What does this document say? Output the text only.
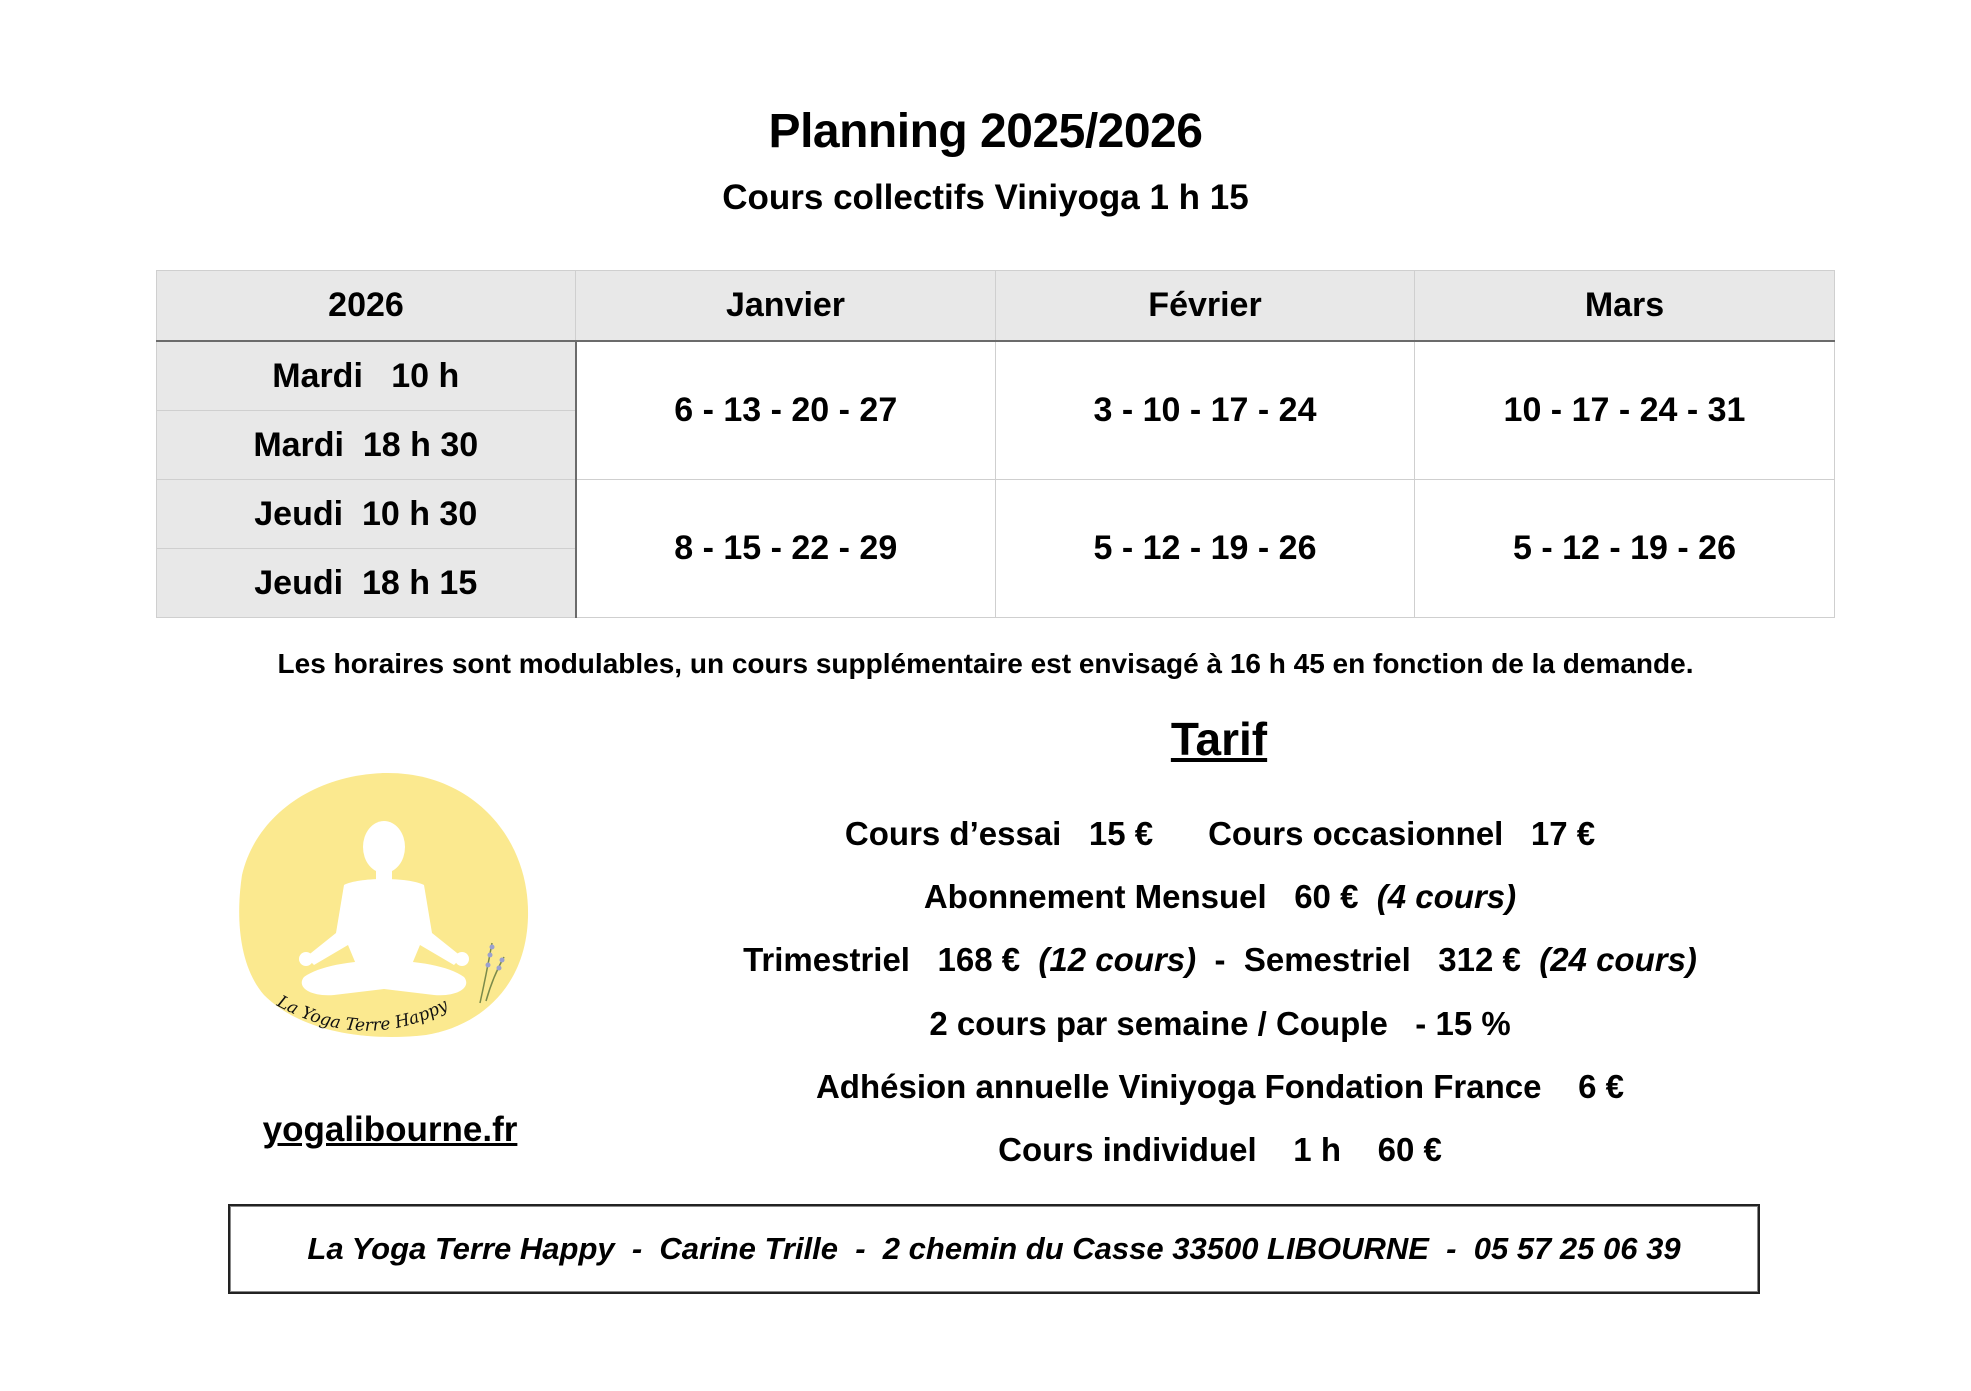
Planning 2025/2026
Cours collectifs Viniyoga 1 h 15
2026	Janvier	Février	Mars
Mardi   10 h	6 - 13 - 20 - 27	3 - 10 - 17 - 24	10 - 17 - 24 - 31
Mardi  18 h 30			
Jeudi  10 h 30	8 - 15 - 22 - 29	5 - 12 - 19 - 26	5 - 12 - 19 - 26
Jeudi  18 h 15			
Les horaires sont modulables, un cours supplémentaire est envisagé à 16 h 45 en fonction de la demande.
Tarif
Cours d’essai   15 € Cours occasionnel   17 €
Abonnement Mensuel   60 € (4 cours)
Trimestriel   168 € (12 cours) - Semestriel   312 € (24 cours)
2 cours par semaine / Couple   - 15 %
Adhésion annuelle Viniyoga Fondation France    6 €
Cours individuel    1 h    60 €
La Yoga Terre Happy
yogalibourne.fr
La Yoga Terre Happy  -  Carine Trille  -  2 chemin du Casse 33500 LIBOURNE  -  05 57 25 06 39
